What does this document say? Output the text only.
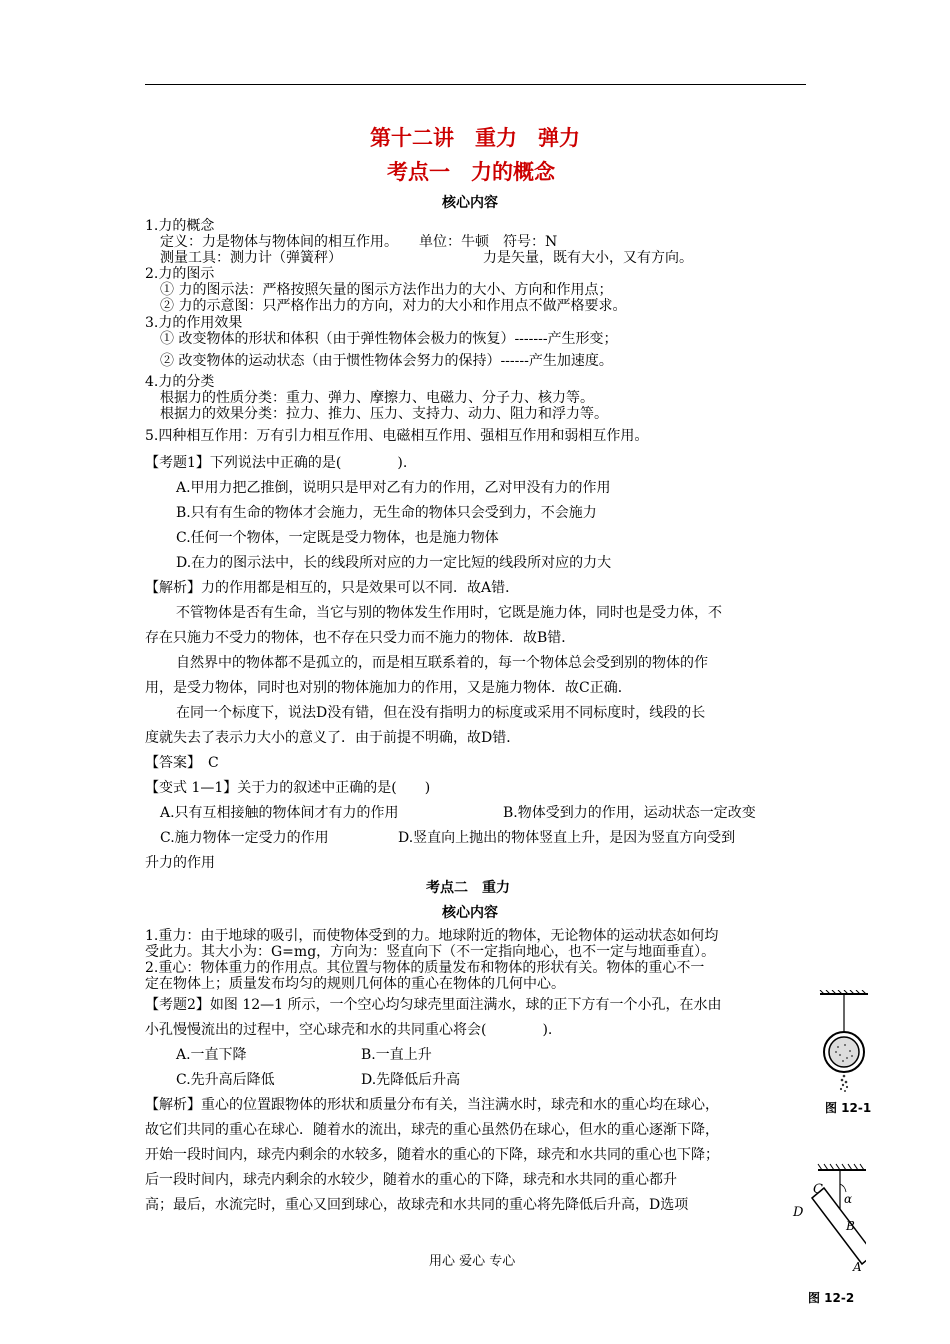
第十二讲　重力　弹力
考点一　力的概念
核心内容
1.力的概念
定义：力是物体与物体间的相互作用。　　单位：牛顿　符号：N
测量工具：测力计（弹簧秤）	力是矢量，既有大小，又有方向。
2.力的图示
① 力的图示法：严格按照矢量的图示方法作出力的大小、方向和作用点；
② 力的示意图：只严格作出力的方向，对力的大小和作用点不做严格要求。
3.力的作用效果
① 改变物体的形状和体积（由于弹性物体会极力的恢复）-------产生形变；
② 改变物体的运动状态（由于惯性物体会努力的保持）------产生加速度。
4.力的分类
根据力的性质分类：重力、弹力、摩擦力、电磁力、分子力、核力等。
根据力的效果分类：拉力、推力、压力、支持力、动力、阻力和浮力等。
5.四种相互作用：万有引力相互作用、电磁相互作用、强相互作用和弱相互作用。
【考题1】下列说法中正确的是(　　　　).
A.甲用力把乙推倒，说明只是甲对乙有力的作用，乙对甲没有力的作用
B.只有有生命的物体才会施力，无生命的物体只会受到力，不会施力
C.任何一个物体，一定既是受力物体，也是施力物体
D.在力的图示法中，长的线段所对应的力一定比短的线段所对应的力大
【解析】力的作用都是相互的，只是效果可以不同．故A错．
不管物体是否有生命，当它与别的物体发生作用时，它既是施力体，同时也是受力体，不
存在只施力不受力的物体，也不存在只受力而不施力的物体．故B错．
自然界中的物体都不是孤立的，而是相互联系着的，每一个物体总会受到别的物体的作
用，是受力物体，同时也对别的物体施加力的作用，又是施力物体．故C正确．
在同一个标度下，说法D没有错，但在没有指明力的标度或采用不同标度时，线段的长
度就失去了表示力大小的意义了．由于前提不明确，故D错．
【答案】　C
【变式 1—1】关于力的叙述中正确的是(　　)
A.只有互相接触的物体间才有力的作用	B.物体受到力的作用，运动状态一定改变
C.施力物体一定受力的作用	D.竖直向上抛出的物体竖直上升，是因为竖直方向受到
升力的作用
考点二　重力
核心内容
1.重力：由于地球的吸引，而使物体受到的力。地球附近的物体，无论物体的运动状态如何均
受此力。其大小为：G=mg，方向为：竖直向下（不一定指向地心，也不一定与地面垂直）。
2.重心：物体重力的作用点。其位置与物体的质量发布和物体的形状有关。物体的重心不一
定在物体上；质量发布均匀的规则几何体的重心在物体的几何中心。
【考题2】如图 12—1 所示，一个空心均匀球壳里面注满水，球的正下方有一个小孔，在水由
小孔慢慢流出的过程中，空心球壳和水的共同重心将会(　　　　).
A.一直下降	B.一直上升
C.先升高后降低	D.先降低后升高
【解析】重心的位置跟物体的形状和质量分布有关，当注满水时，球壳和水的重心均在球心，
故它们共同的重心在球心．随着水的流出，球壳的重心虽然仍在球心，但水的重心逐渐下降，
开始一段时间内，球壳内剩余的水较多，随着水的重心的下降，球壳和水共同的重心也下降；
后一段时间内，球壳内剩余的水较少，随着水的重心的下降，球壳和水共同的重心都升
高；最后，水流完时，重心又回到球心，故球壳和水共同的重心将先降低后升高，D选项
图 12-1
C
D
α
B
A
图 12-2
用心 爱心 专心
